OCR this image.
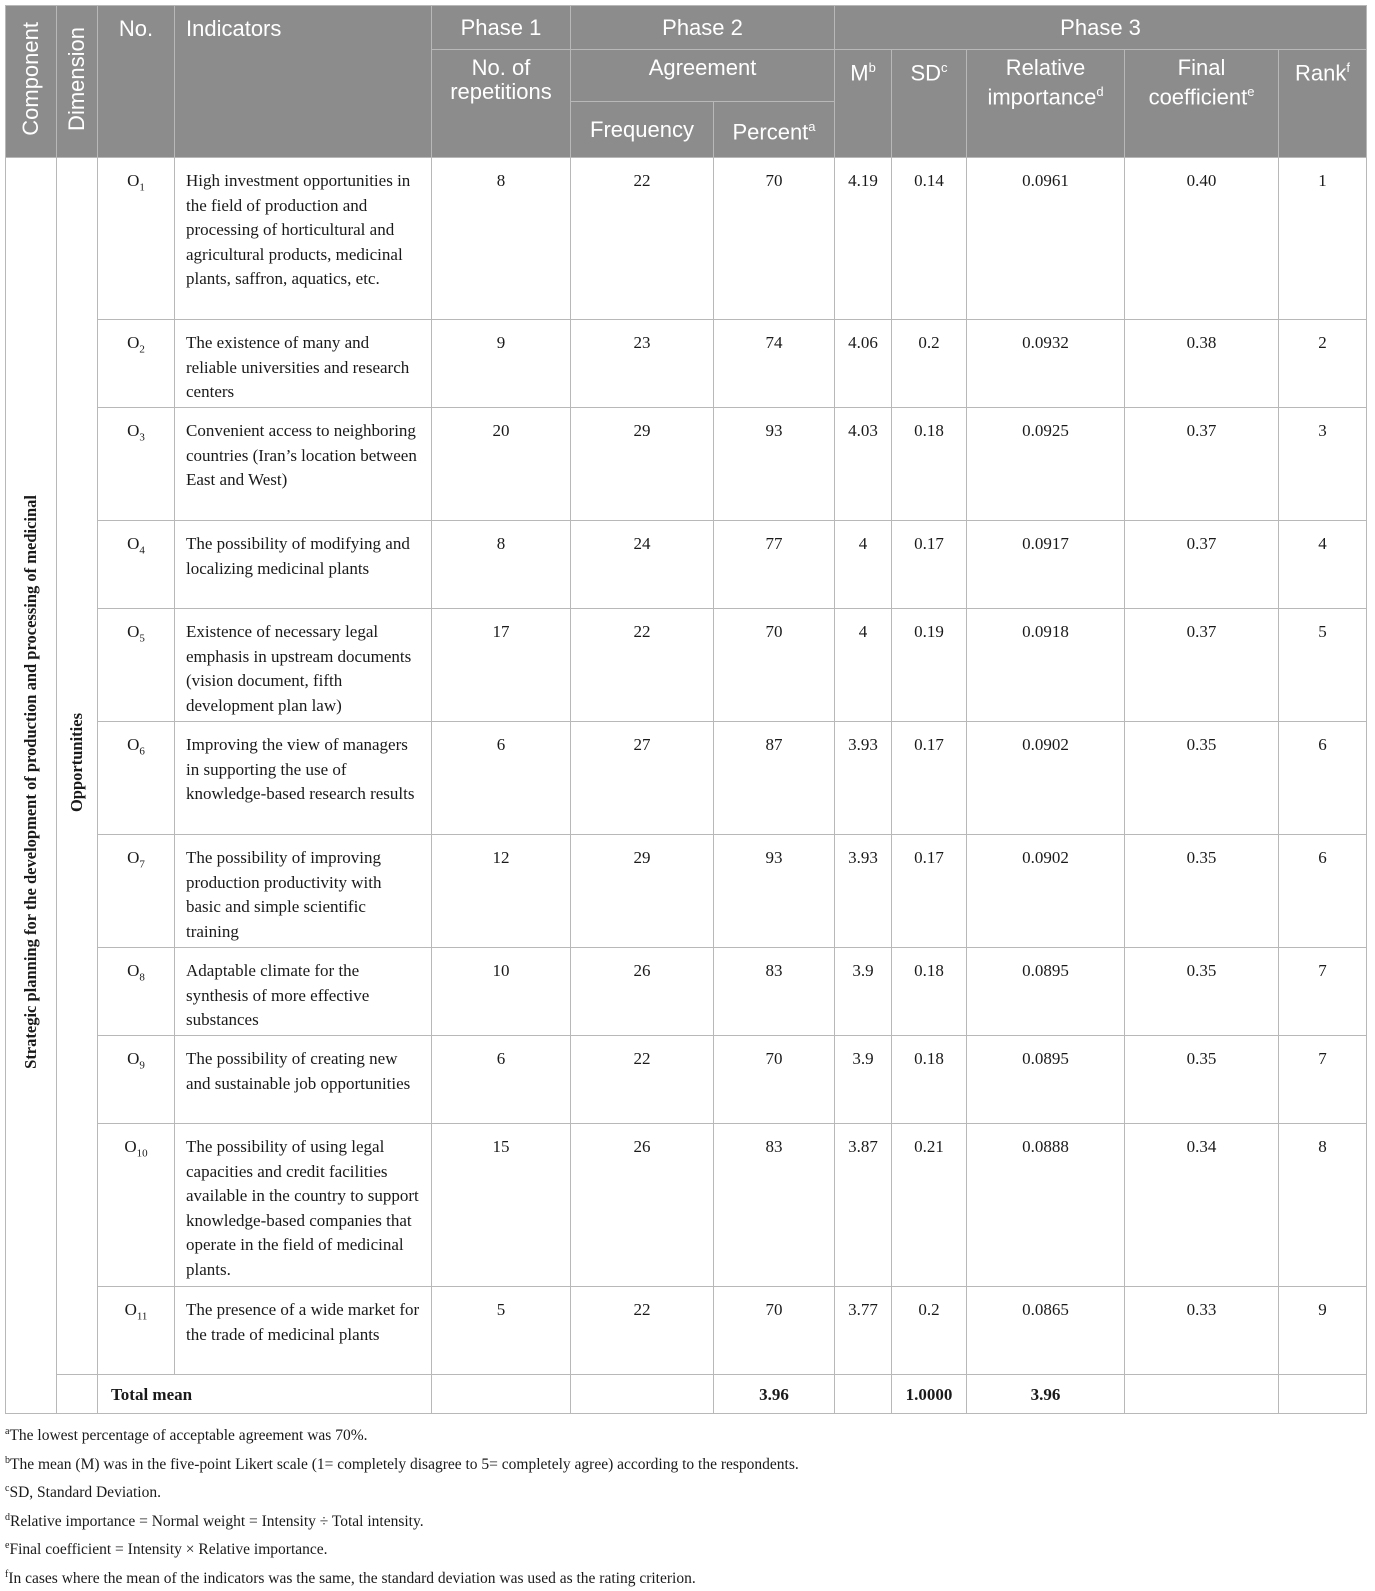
Component	Dimension	No.	Indicators	Phase 1	Phase 2		Phase 3				
				No. of repetitions	Agreement		$M^b$	$SD^c$	Relative importance$^d$	Final coefficient$^e$	Rank$^f$
					Frequency	Percent$^a$
Strategic planning for the development of production and processing of medicinal	Opportunities	$O_1$	High investment opportunities in the field of production and processing of horticultural and agricultural products, medicinal plants, saffron, aquatics, etc.	8	22	70	4.19	0.14	0.0961	0.40	1
		$O_2$	The existence of many and reliable universities and research centers	9	23	74	4.06	0.2	0.0932	0.38	2
		$O_3$	Convenient access to neighboring countries (Iran’s location between East and West)	20	29	93	4.03	0.18	0.0925	0.37	3
		$O_4$	The possibility of modifying and localizing medicinal plants	8	24	77	4	0.17	0.0917	0.37	4
		$O_5$	Existence of necessary legal emphasis in upstream documents (vision document, fifth development plan law)	17	22	70	4	0.19	0.0918	0.37	5
		$O_6$	Improving the view of managers in supporting the use of knowledge-based research results	6	27	87	3.93	0.17	0.0902	0.35	6
		$O_7$	The possibility of improving production productivity with basic and simple scientific training	12	29	93	3.93	0.17	0.0902	0.35	6
		$O_8$	Adaptable climate for the synthesis of more effective substances	10	26	83	3.9	0.18	0.0895	0.35	7
		$O_9$	The possibility of creating new and sustainable job opportunities	6	22	70	3.9	0.18	0.0895	0.35	7
		$O_{10}$	The possibility of using legal capacities and credit facilities available in the country to support knowledge-based companies that operate in the field of medicinal plants.	15	26	83	3.87	0.21	0.0888	0.34	8
		$O_{11}$	The presence of a wide market for the trade of medicinal plants	5	22	70	3.77	0.2	0.0865	0.33	9
		Total mean				3.96		1.0000	3.96		
$^a$The lowest percentage of acceptable agreement was 70%.
$^b$The mean (M) was in the five-point Likert scale (1= completely disagree to 5= completely agree) according to the respondents.
$^c$SD, Standard Deviation.
$^d$Relative importance = Normal weight = Intensity ÷ Total intensity.
$^e$Final coefficient = Intensity × Relative importance.
$^f$In cases where the mean of the indicators was the same, the standard deviation was used as the rating criterion.
